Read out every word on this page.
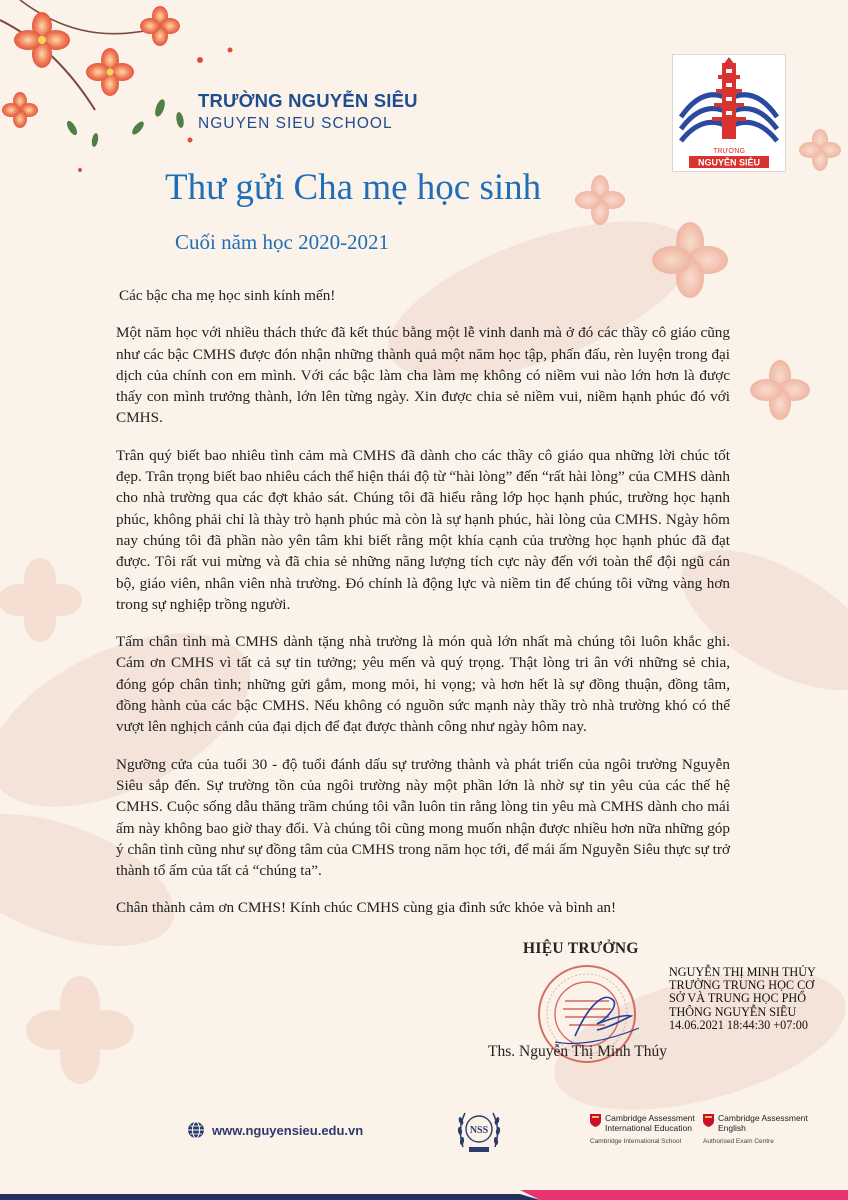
TRƯỜNG NGUYỄN SIÊU
NGUYEN SIEU SCHOOL
TRƯỜNG
NGUYỄN SIÊU
Thư gửi Cha mẹ học sinh
Cuối năm học 2020-2021

Các bậc cha mẹ học sinh kính mến!

Một năm học với nhiều thách thức đã kết thúc bằng một lễ vinh danh mà ở đó các thầy cô giáo cũng như các bậc CMHS được đón nhận những thành quả một năm học tập, phấn đấu, rèn luyện trong đại dịch của chính con em mình. Với các bậc làm cha làm mẹ không có niềm vui nào lớn hơn là được thấy con mình trưởng thành, lớn lên từng ngày. Xin được chia sẻ niềm vui, niềm hạnh phúc đó với CMHS.

Trân quý biết bao nhiêu tình cảm mà CMHS đã dành cho các thầy cô giáo qua những lời chúc tốt đẹp. Trân trọng biết bao nhiêu cách thể hiện thái độ từ “hài lòng” đến “rất hài lòng” của CMHS dành cho nhà trường qua các đợt khảo sát. Chúng tôi đã hiểu rằng lớp học hạnh phúc, trường học hạnh phúc, không phải chỉ là thày trò hạnh phúc mà còn là sự hạnh phúc, hài lòng của CMHS. Ngày hôm nay chúng tôi đã phần nào yên tâm khi biết rằng một khía cạnh của trường học hạnh phúc đã đạt được. Tôi rất vui mừng và đã chia sẻ những năng lượng tích cực này đến với toàn thể đội ngũ cán bộ, giáo viên, nhân viên nhà trường. Đó chính là động lực và niềm tin để chúng tôi vững vàng hơn trong sự nghiệp trồng người.

Tấm chân tình mà CMHS dành tặng nhà trường là món quà lớn nhất mà chúng tôi luôn khắc ghi. Cám ơn CMHS vì tất cả sự tin tưởng; yêu mến và quý trọng. Thật lòng tri ân với những sẻ chia, đóng góp chân tình; những gửi gắm, mong mỏi, hi vọng; và hơn hết là sự đồng thuận, đồng tâm, đồng hành của các bậc CMHS. Nếu không có nguồn sức mạnh này thầy trò nhà trường khó có thể vượt lên nghịch cảnh của đại dịch để đạt được thành công như ngày hôm nay.

Ngưỡng cửa của tuổi 30 - độ tuổi đánh dấu sự trưởng thành và phát triển của ngôi trường Nguyễn Siêu sắp đến. Sự trường tồn của ngôi trường này một phần lớn là nhờ sự tin yêu của các thế hệ CMHS. Cuộc sống dẫu thăng trầm chúng tôi vẫn luôn tin rằng lòng tin yêu mà CMHS dành cho mái ấm này không bao giờ thay đổi. Và chúng tôi cũng mong muốn nhận được nhiều hơn nữa những góp ý chân tình cũng như sự đồng tâm của CMHS trong năm học tới, để mái ấm Nguyễn Siêu thực sự trở thành tổ ấm của tất cả “chúng ta”.

Chân thành cảm ơn CMHS! Kính chúc CMHS cùng gia đình sức khỏe và bình an!

HIỆU TRƯỞNG
NGUYỄN THỊ MINH THỦY
TRƯỜNG TRUNG HỌC CƠ
SỞ VÀ TRUNG HỌC PHỔ
THÔNG NGUYỄN SIÊU
14.06.2021 18:44:30 +07:00
Ths. Nguyễn Thị Minh Thúy
www.nguyensieu.edu.vn	NSS
Cambridge Assessment
International Education
Cambridge International School
Cambridge Assessment
English
Authorised Exam Centre
